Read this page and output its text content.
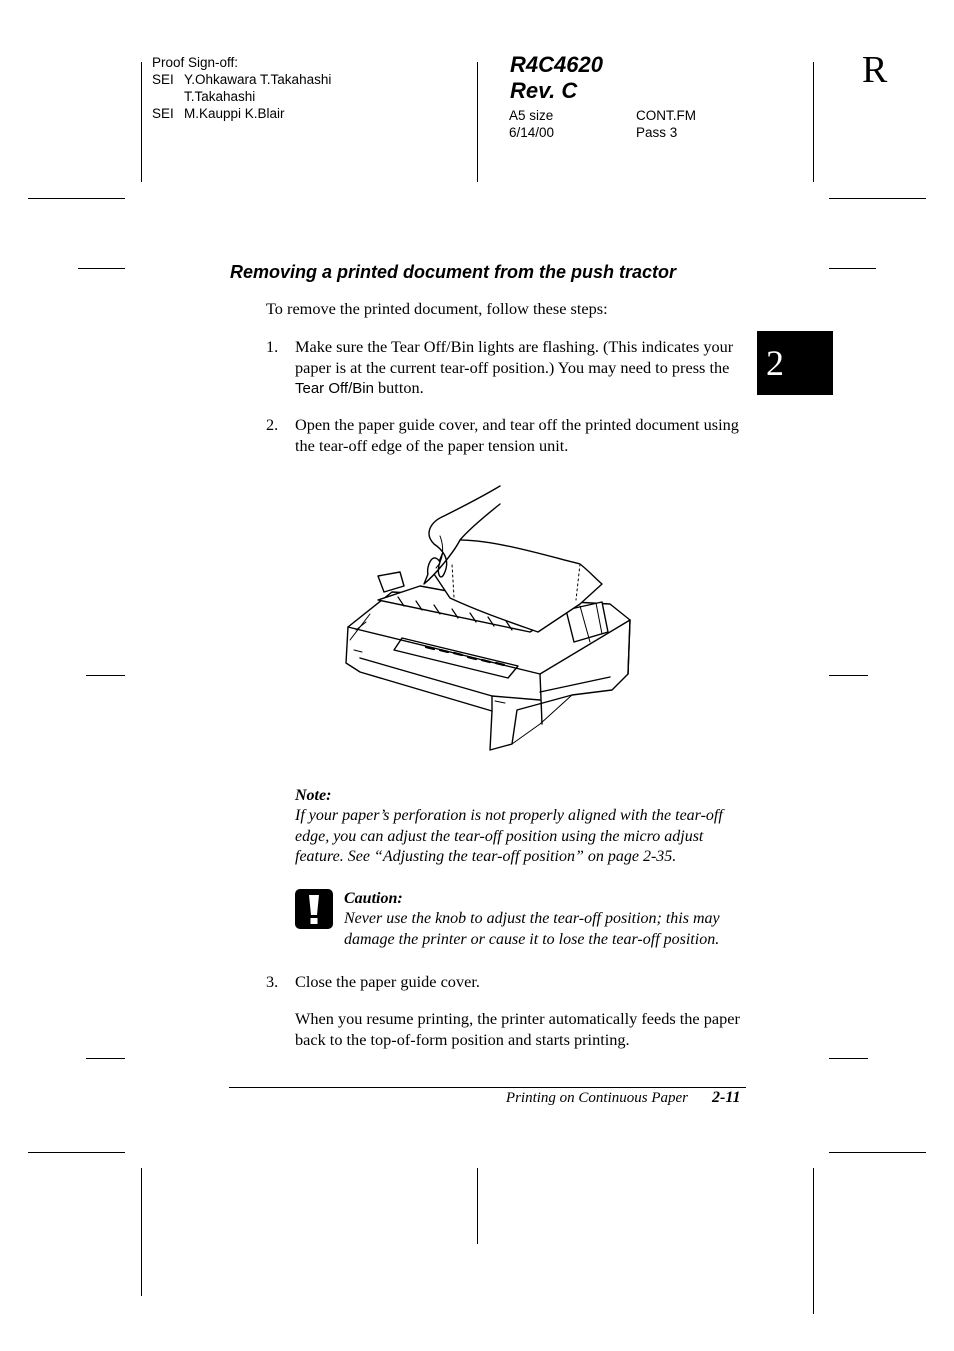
Proof Sign-off:
SEI Y.Ohkawara T.Takahashi
T.Takahashi
SEI M.Kauppi K.Blair
R4C4620
Rev. C
A5 size
6/14/00
CONT.FM
Pass 3
R
2
Removing a printed document from the push tractor
To remove the printed document, follow these steps:
1. Make sure the Tear Off/Bin lights are flashing. (This indicates your paper is at the current tear-off position.) You may need to press the Tear Off/Bin button.
2. Open the paper guide cover, and tear off the printed document using the tear-off edge of the paper tension unit.
Note:
If your paper’s perforation is not properly aligned with the tear-off edge, you can adjust the tear-off position using the micro adjust feature. See “Adjusting the tear-off position” on page 2-35.
Caution:
Never use the knob to adjust the tear-off position; this may damage the printer or cause it to lose the tear-off position.
3. Close the paper guide cover.
When you resume printing, the printer automatically feeds the paper back to the top-of-form position and starts printing.
Printing on Continuous Paper 2-11
